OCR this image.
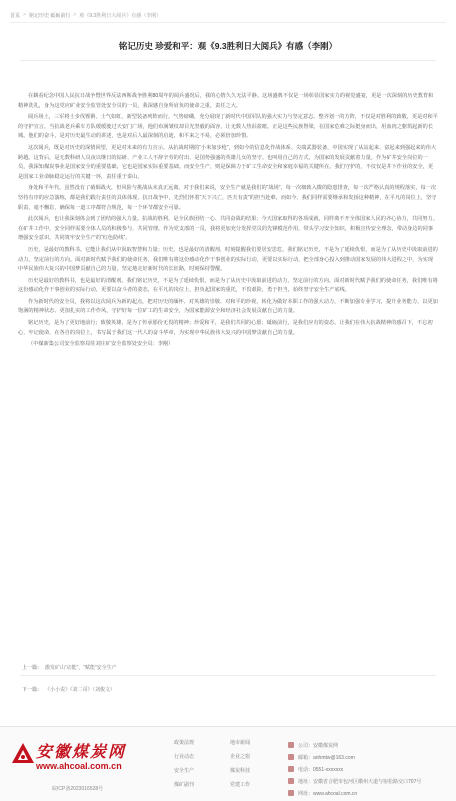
首页 > 铭记历史 砥砺前行 > 观《9.3胜利日大阅兵》有感（李刚）
铭记历史 珍爱和平：观《9.3胜利日大阅兵》有感（李刚）

在観看纪念中国人民抗日战争暨世界反法西斯战争胜利80周年的阅兵盛况后，我的心情久久无法平静。这场盛典不仅是一场彰显国家实力的视觉盛宴，更是一次深刻的历史教育和精神洗礼，身为这党应矿业安全监管处安全员的一员，我深感自身所肩负的使命之重，责任之大。

阅兵场上，三军将士步伐铿锵、士气如虹，新型装备列阵而行，气势磅礴，充分展现了新时代中国军队的强大实力与坚定意志。整齐划一的方阵，不仅是对胜利的致敬，更是对和平的守护宣言。当抗战老兵乘车方队缓缓驶过天安门广场，他们布满皱纹却目光坚毅的面容，让无数人热泪盈眶。正是这些民族脊梁，在国家危难之际挺身而出，用血肉之躯筑起新的长城。他们的奋斗，是对历史最生动的讲述，也是对后人最深刻的启迪，和平来之不易，必须倍加珍惜。

这次阅兵，既是对历史的深情回望，更是对未来的有力宣示。从抗战时期的“小米加步枪”，到如今的信息化作战体系、尖端武器装备，中国实现了从站起来、富起来到强起来的伟大跨越。这背后，是无数科研人员夜以继日的钻研、产业工人不辞辛劳的付出、是国势强盛的英雄儿女的坚守。也叫用自己的方式，为国家的发展贡献着力量。作为矿井安全岗位的一员，我深知煤炭事业是国家安全的重要基础，它也是国家实际重要基础。而安全生产，则是保障力于矿工生命安全和家庭幸福的关键所在。我们守护的，不仅仅是井下作业的安全，更是国家工业命脉稳定运行的关键一环，责任重于泰山。

身处和平年代，虽然没有了硝烟战火，但风险与挑战从未真正远离。对于我们来说，安全生产就是我们的“战场”，每一次细致入微的隐患排查，每一次严格认真的规程落实，每一次坚持有序的应急演练，都是我们践行责任的具体体现。抗日战争中，先烈们怀着“天下兴亡，匹夫有责”的担当赴难，而如今，我们同样需要继承和发扬这种精神，在平凡的岗位上，坚守职责，毫不懈怠，确保每一道工序都符合规范，每一个环节都安全可靠。

此次阅兵，也让我深刻体会到了团结的强大力量。抗战的胜利，是全民族团结一心、共同奋战的结果；今天国家取得的各项成就，同样离不开全体国家人民的齐心协力，共同努力。在矿井工作中，安全同样需要全体人员的积极参与、共同管理。作为党支部的一员，我将更加充分发挥党员的先锋模范作用，带头学习安全知识，积极宣传安全理念，带动身边的同事增强安全意识，共同筑牢安全生产的“红色防线”。

历史，是最好的教科书。它能让我们从中汲取智慧和力量；历史，也是最好的清醒剂，时刻提醒我们要居安思危。我们铭记历史，不是为了延续仇恨，而是为了从历史中汲取前进的动力，坚定前行的方向。面对新时代赋予我们的使命任务，我们唯有将这份感动化作干事创业的实际行动，更要以实际行动，把全部身心投入到推动国家发展的伟大进程之中，为实现中华民族伟大复兴的中国梦贡献自己的力量，坚定地走好新时代的长征路，时刻保持警醒。

历史是最好的教科书，也是最好的清醒剂。我们铭记历史，不是为了延续仇恨，而是为了从历史中汲取前进的动力，坚定前行的方向。面对新时代赋予我们的使命任务，我们唯有将这份感动化作干事创业的实际行动，更要以奋斗者的姿态，在平凡的岗位上，担负起国家的重托，不畏艰险，勇于担当，始终坚守安全生产底线。

作为新时代的安全员，我将以这次阅兵为新的起点，把对历史的缅怀、对英雄的崇敬、对和平的珍视，转化为做好本职工作的强大动力，不断加强专业学习，提升业务能力，以更加饱满的精神状态、更加扎实的工作作风，守护好每一位矿工的生命安全，为国家能源安全和经济社会发展贡献自己的力量。

铭记历史，是为了更好地前行；致敬英雄，是为了传承那份无畏的精神；珍爱和平，是我们共同的心愿；砥砺前行，是我们应有的姿态。让我们在伟大抗战精神的感召下，不忘初心，牢记使命，在各自的岗位上，书写属于我们这一代人的奋斗华章，为实现中华民族伟大复兴的中国梦贡献自己的力量。

（中煤新集公司安全监察局驻刘庄矿安全监察处安全员：李刚）

上一篇： 激发矿山“动能”，“赋能”安全生产
下一篇： 《小小说》《刘二哥》（刘俊文）
安徽煤炭网
www.ahcoal.com.cn
皖ICP备2023016528号
政策法规
行业动态
安全生产
煤矿副刊
地市新闻
企业之窗
煤炭科技
党建工作
公司：安徽煤炭网
邮箱：anhmtw@163.com
电话：0551-xxxxxxx
地址：安徽省合肥市包河区徽州大道与宿松路交口707号
网址：www.ahcoal.com.cn
